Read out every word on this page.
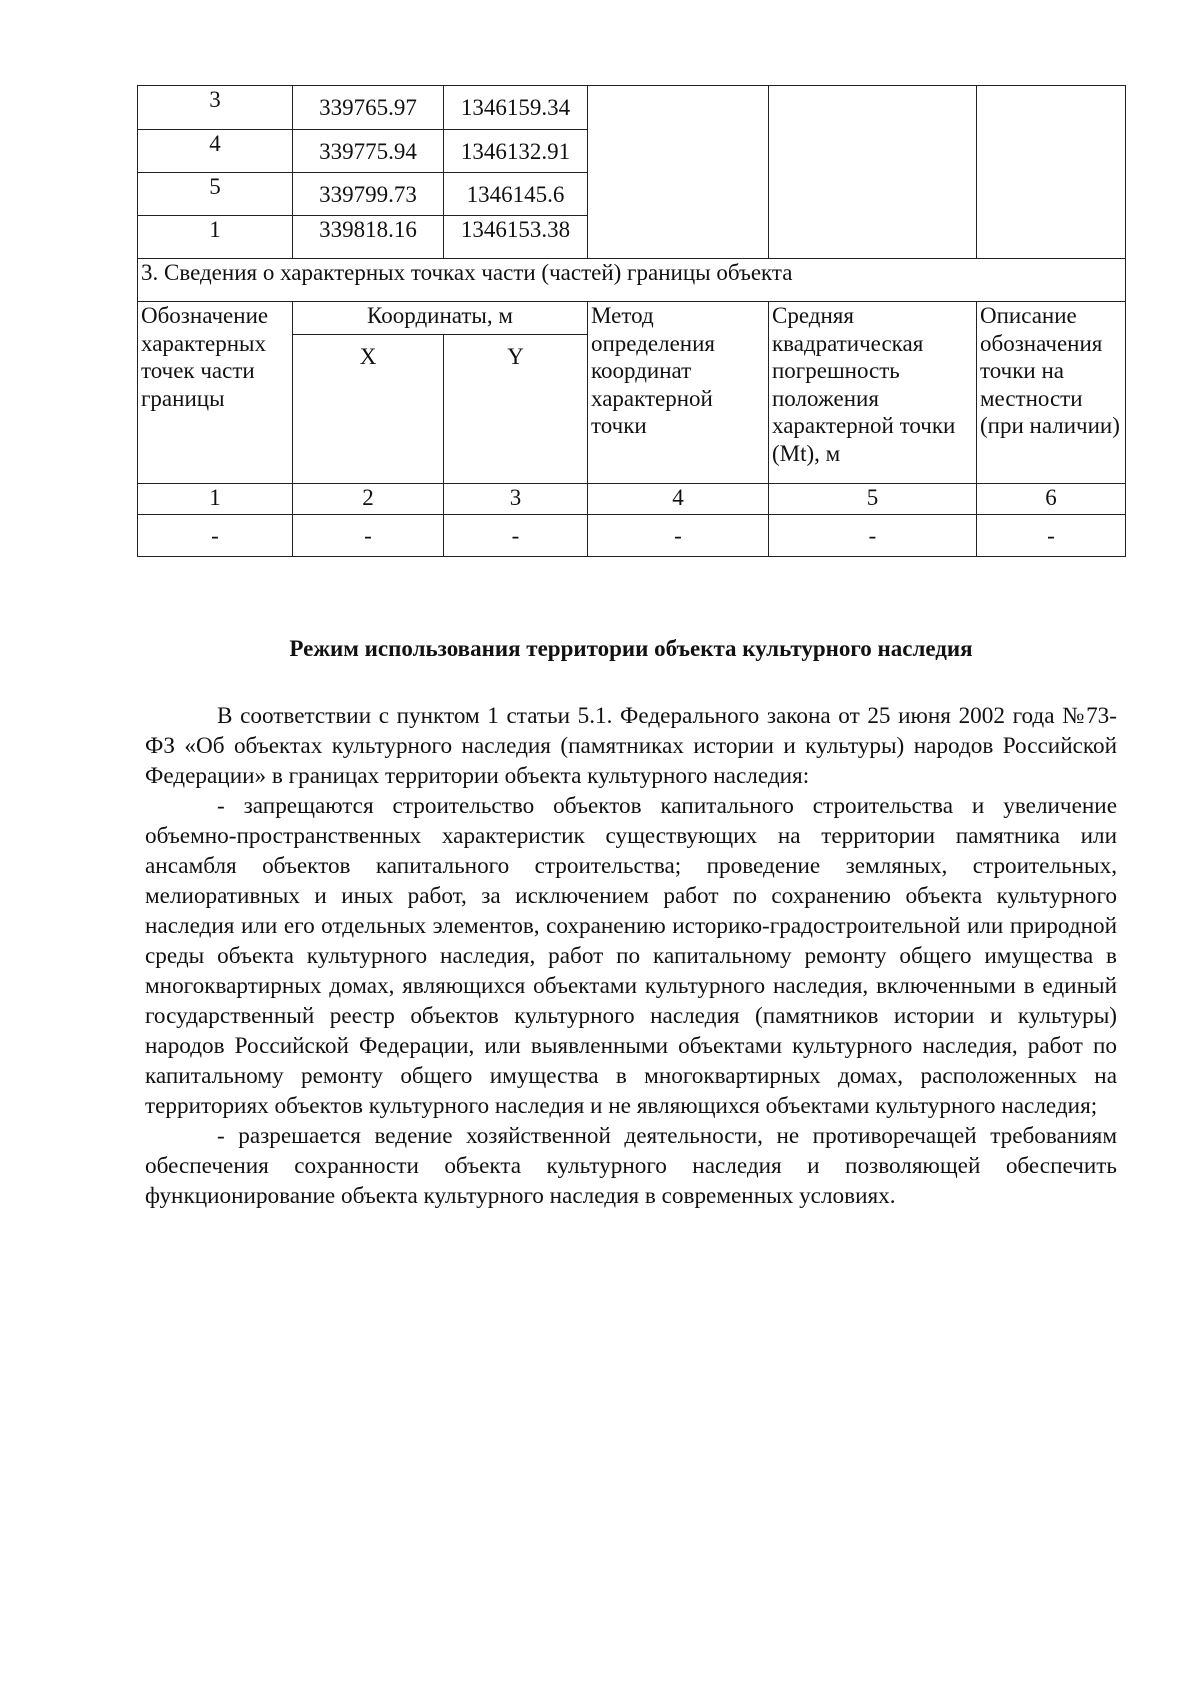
3	339765.97	1346159.34			
4	339775.94	1346132.91			
5	339799.73	1346145.6			
1	339818.16	1346153.38			
3. Сведения о характерных точках части (частей) границы объекта					
Обозначение характерных точек части границы	Координаты, м		Метод определения координат характерной точки	Средняя квадратическая погрешность положения характерной точки (Mt), м	Описание обозначения точки на местности (при наличии)
	X	Y			
1	2	3	4	5	6
-	-	-	-	-	-
Режим использования территории объекта культурного наследия

В соответствии с пунктом 1 статьи 5.1. Федерального закона от 25 июня 2002 года №73-ФЗ «Об объектах культурного наследия (памятниках истории и культуры) народов Российской Федерации» в границах территории объекта культурного наследия:

- запрещаются строительство объектов капитального строительства и увеличение объемно-пространственных характеристик существующих на территории памятника или ансамбля объектов капитального строительства; проведение земляных, строительных, мелиоративных и иных работ, за исключением работ по сохранению объекта культурного наследия или его отдельных элементов, сохранению историко-градостроительной или природной среды объекта культурного наследия, работ по капитальному ремонту общего имущества в многоквартирных домах, являющихся объектами культурного наследия, включенными в единый государственный реестр объектов культурного наследия (памятников истории и культуры) народов Российской Федерации, или выявленными объектами культурного наследия, работ по капитальному ремонту общего имущества в многоквартирных домах, расположенных на территориях объектов культурного наследия и не являющихся объектами культурного наследия;

- разрешается ведение хозяйственной деятельности, не противоречащей требованиям обеспечения сохранности объекта культурного наследия и позволяющей обеспечить функционирование объекта культурного наследия в современных условиях.
